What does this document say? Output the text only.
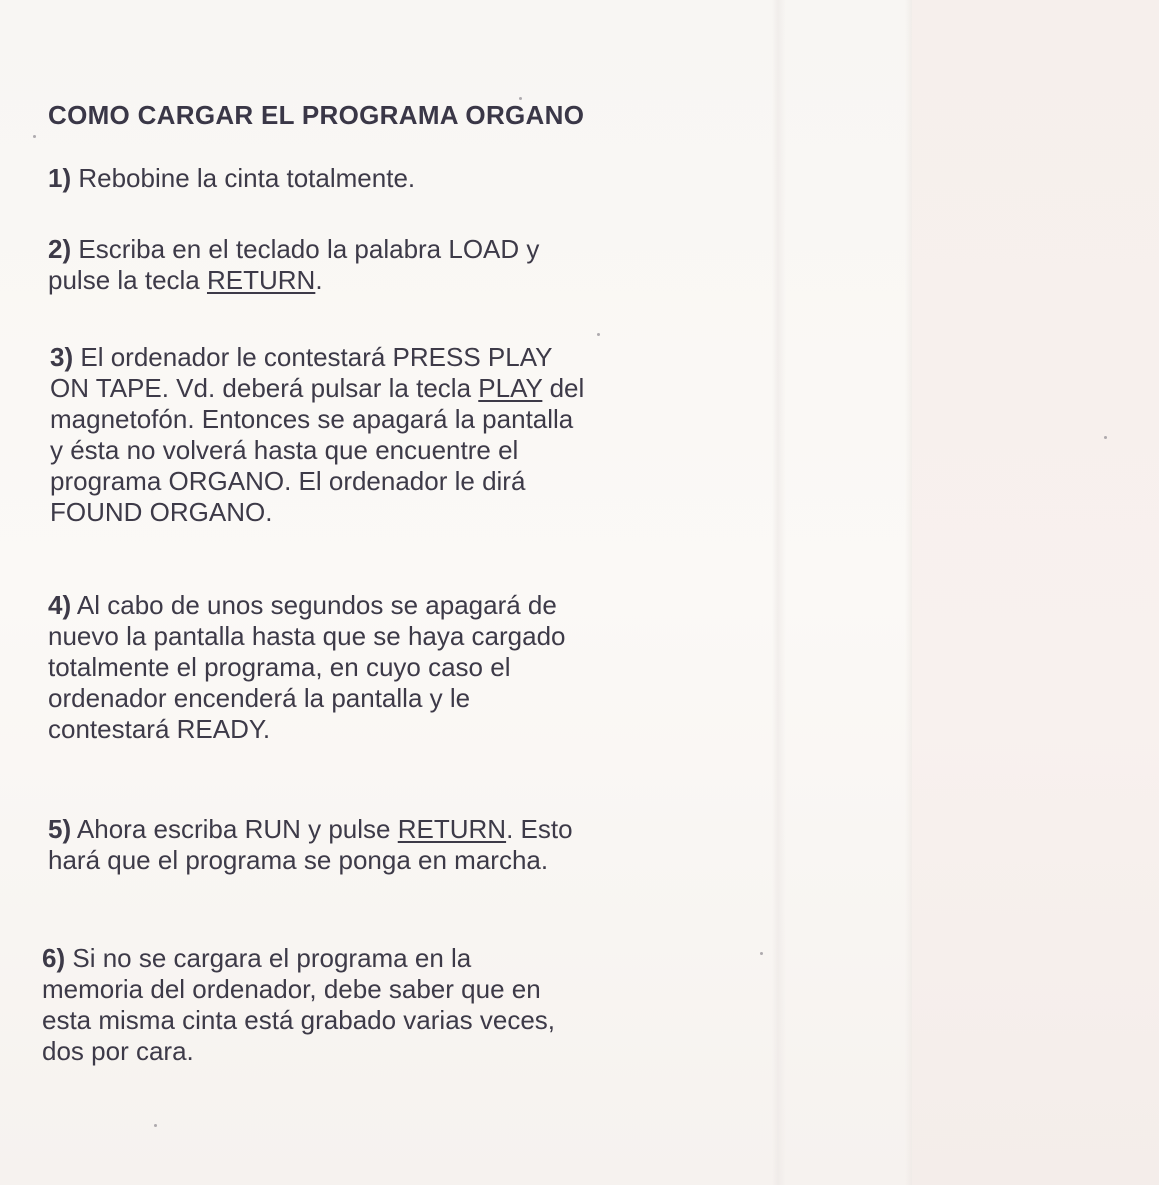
COMO CARGAR EL PROGRAMA ORGANO

1) Rebobine la cinta totalmente.

2) Escriba en el teclado la palabra LOAD y
pulse la tecla RETURN.

3) El ordenador le contestará PRESS PLAY
ON TAPE. Vd. deberá pulsar la tecla PLAY del
magnetofón. Entonces se apagará la pantalla
y ésta no volverá hasta que encuentre el
programa ORGANO. El ordenador le dirá
FOUND ORGANO.

4) Al cabo de unos segundos se apagará de
nuevo la pantalla hasta que se haya cargado
totalmente el programa, en cuyo caso el
ordenador encenderá la pantalla y le
contestará READY.

5) Ahora escriba RUN y pulse RETURN. Esto
hará que el programa se ponga en marcha.

6) Si no se cargara el programa en la
memoria del ordenador, debe saber que en
esta misma cinta está grabado varias veces,
dos por cara.
